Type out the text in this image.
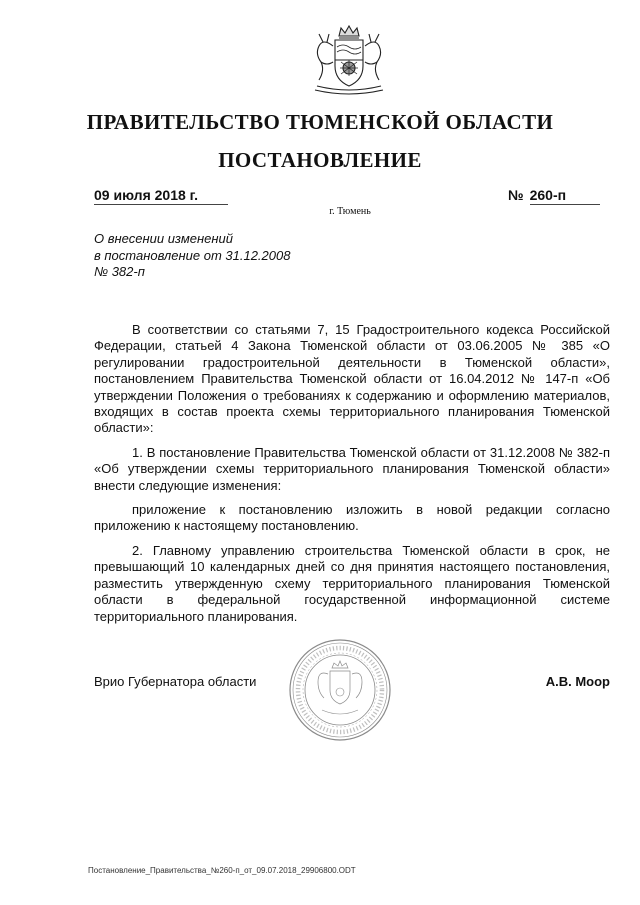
ПРАВИТЕЛЬСТВО ТЮМЕНСКОЙ ОБЛАСТИ
ПОСТАНОВЛЕНИЕ
09 июля 2018 г.	№ 260-п
г. Тюмень
О внесении изменений
в постановление от 31.12.2008
№ 382-п

В соответствии со статьями 7, 15 Градостроительного кодекса Российской Федерации, статьей 4 Закона Тюменской области от 03.06.2005 № 385 «О регулировании градостроительной деятельности в Тюменской области», постановлением Правительства Тюменской области от 16.04.2012 № 147-п «Об утверждении Положения о требованиях к содержанию и оформлению материалов, входящих в состав проекта схемы территориального планирования Тюменской области»:

1. В постановление Правительства Тюменской области от 31.12.2008 № 382-п «Об утверждении схемы территориального планирования Тюменской области» внести следующие изменения:

приложение к постановлению изложить в новой редакции согласно приложению к настоящему постановлению.

2. Главному управлению строительства Тюменской области в срок, не превышающий 10 календарных дней со дня принятия настоящего постановления, разместить утвержденную схему территориального планирования Тюменской области в федеральной государственной информационной системе территориального планирования.

Врио Губернатора области	А.В. Моор
Постановление_Правительства_№260-п_от_09.07.2018_29906800.ODT
